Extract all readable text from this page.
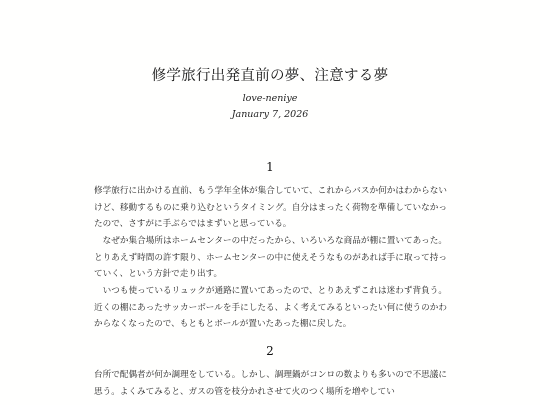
修学旅行出発直前の夢、注意する夢
love-neniye
January 7, 2026
1

修学旅行に出かける直前、もう学年全体が集合していて、これからバスか何かはわからないけど、移動するものに乗り込むというタイミング。自分はまったく荷物を準備していなかったので、さすがに手ぶらではまずいと思っている。

なぜか集合場所はホームセンターの中だったから、いろいろな商品が棚に置いてあった。とりあえず時間の許す限り、ホームセンターの中に使えそうなものがあれば手に取って持っていく、という方針で走り出す。

いつも使っているリュックが通路に置いてあったので、とりあえずこれは迷わず背負う。近くの棚にあったサッカーボールを手にしたる、よく考えてみるといったい何に使うのかわからなくなったので、もともとボールが置いたあった棚に戻した。

2

台所で配偶者が何か調理をしている。しかし、調理鍋がコンロの数よりも多いので不思議に思う。よくみてみると、ガスの管を枝分かれさせて火のつく場所を増やしてい
